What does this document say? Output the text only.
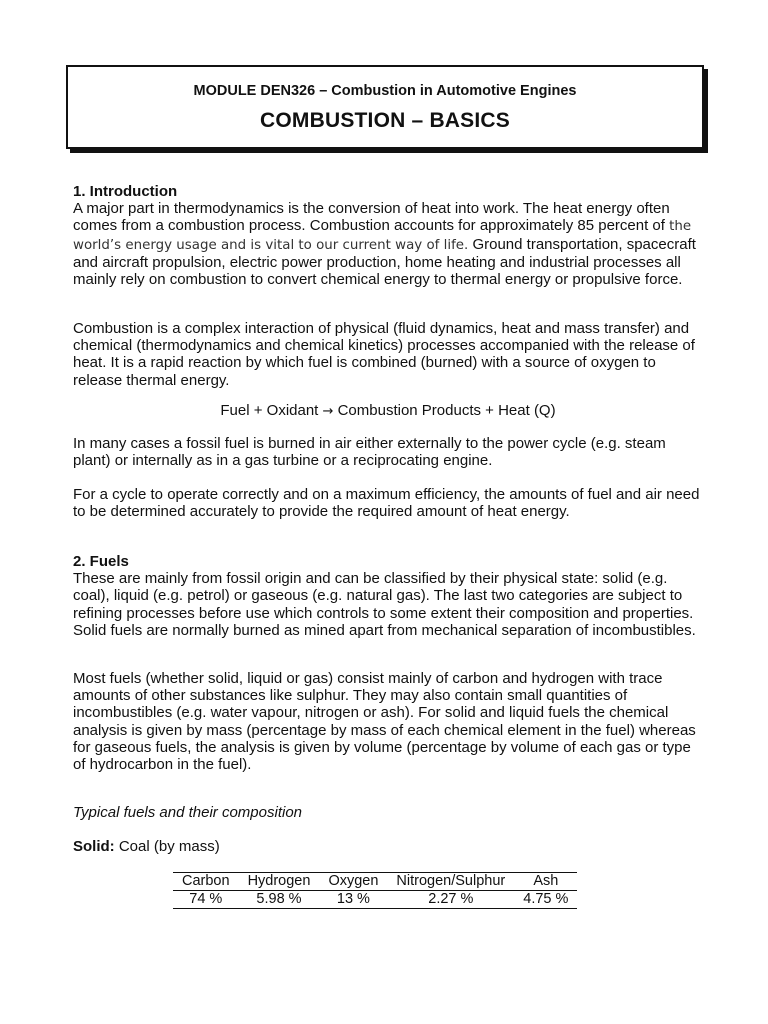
MODULE DEN326 – Combustion in Automotive Engines
COMBUSTION – BASICS

1. Introduction

A major part in thermodynamics is the conversion of heat into work. The heat energy often comes from a combustion process. Combustion accounts for approximately 85 percent of the world’s energy usage and is vital to our current way of life. Ground transportation, spacecraft and aircraft propulsion, electric power production, home heating and industrial processes all mainly rely on combustion to convert chemical energy to thermal energy or propulsive force.

Combustion is a complex interaction of physical (fluid dynamics, heat and mass transfer) and chemical (thermodynamics and chemical kinetics) processes accompanied with the release of heat. It is a rapid reaction by which fuel is combined (burned) with a source of oxygen to release thermal energy.

Fuel + Oxidant → Combustion Products + Heat (Q)

In many cases a fossil fuel is burned in air either externally to the power cycle (e.g. steam plant) or internally as in a gas turbine or a reciprocating engine.

For a cycle to operate correctly and on a maximum efficiency, the amounts of fuel and air need to be determined accurately to provide the required amount of heat energy.

2. Fuels

These are mainly from fossil origin and can be classified by their physical state: solid (e.g. coal), liquid (e.g. petrol) or gaseous (e.g. natural gas). The last two categories are subject to refining processes before use which controls to some extent their composition and properties. Solid fuels are normally burned as mined apart from mechanical separation of incombustibles.

Most fuels (whether solid, liquid or gas) consist mainly of carbon and hydrogen with trace amounts of other substances like sulphur. They may also contain small quantities of incombustibles (e.g. water vapour, nitrogen or ash). For solid and liquid fuels the chemical analysis is given by mass (percentage by mass of each chemical element in the fuel) whereas for gaseous fuels, the analysis is given by volume (percentage by volume of each gas or type of hydrocarbon in the fuel).

Typical fuels and their composition

Solid: Coal (by mass)
Carbon	Hydrogen	Oxygen	Nitrogen/Sulphur	Ash
74 %	5.98 %	13 %	2.27 %	4.75 %
